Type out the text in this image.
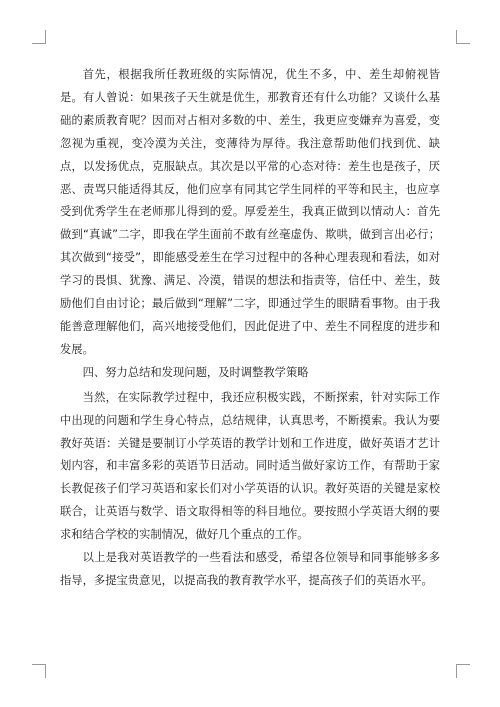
首先，根据我所任教班级的实际情况，优生不多，中、差生却俯视皆是。有人曾说：如果孩子天生就是优生，那教育还有什么功能？又谈什么基础的素质教育呢？因而对占相对多数的中、差生，我更应变嫌弃为喜爱，变忽视为重视，变冷漠为关注，变薄待为厚待。我注意帮助他们找到优、缺点，以发扬优点，克服缺点。其次是以平常的心态对待：差生也是孩子，厌恶、责骂只能适得其反，他们应享有同其它学生同样的平等和民主，也应享受到优秀学生在老师那儿得到的爱。厚爱差生，我真正做到以情动人：首先做到“真诚”二字，即我在学生面前不敢有丝毫虚伪、欺哄，做到言出必行；其次做到“接受”，即能感受差生在学习过程中的各种心理表现和看法，如对学习的畏惧、犹豫、满足、冷漠，错误的想法和指责等，信任中、差生，鼓励他们自由讨论；最后做到“理解”二字，即通过学生的眼睛看事物。由于我能善意理解他们，高兴地接受他们，因此促进了中、差生不同程度的进步和发展。

四、努力总结和发现问题，及时调整教学策略

当然，在实际教学过程中，我还应积极实践，不断探索，针对实际工作中出现的问题和学生身心特点，总结规律，认真思考，不断摸索。我认为要教好英语：关键是要制订小学英语的教学计划和工作进度，做好英语才艺计划内容，和丰富多彩的英语节日活动。同时适当做好家访工作，有帮助于家长教促孩子们学习英语和家长们对小学英语的认识。教好英语的关键是家校联合，让英语与数学、语文取得相等的科目地位。要按照小学英语大纲的要求和结合学校的实制情况，做好几个重点的工作。

以上是我对英语教学的一些看法和感受，希望各位领导和同事能够多多指导，多提宝贵意见，以提高我的教育教学水平，提高孩子们的英语水平。
